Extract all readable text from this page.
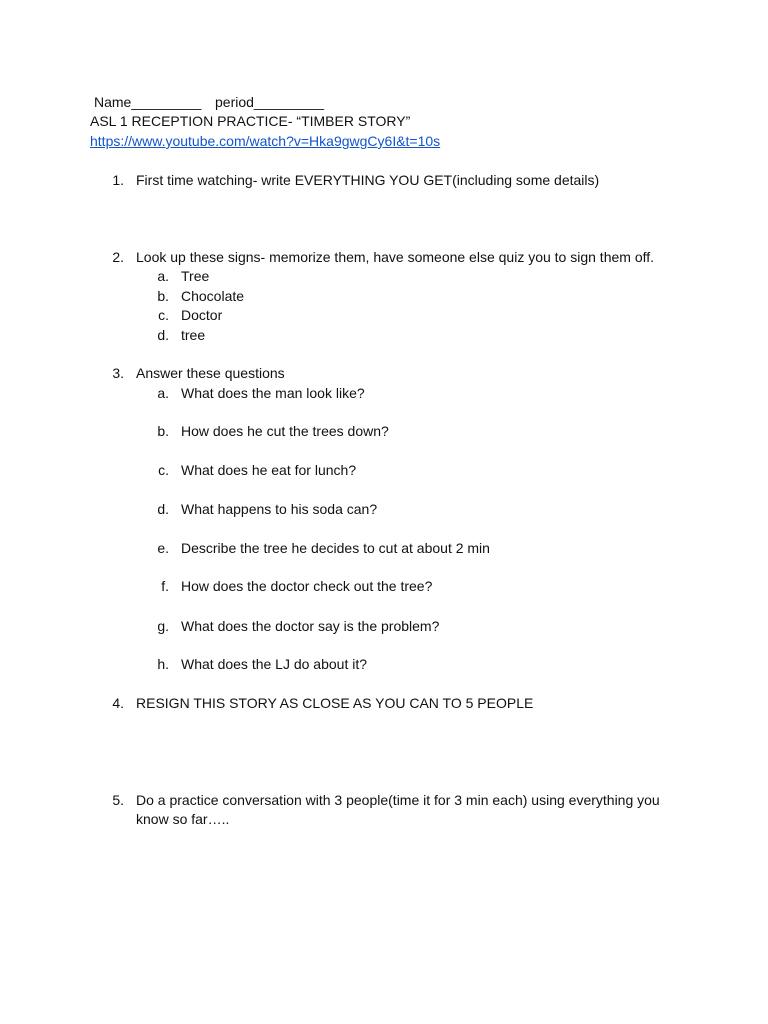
Name_________ period_________
ASL 1 RECEPTION PRACTICE- “TIMBER STORY”
https://www.youtube.com/watch?v=Hka9gwgCy6I&t=10s
1. First time watching- write EVERYTHING YOU GET(including some details)
2. Look up these signs- memorize them, have someone else quiz you to sign them off.
a. Tree
b. Chocolate
c. Doctor
d. tree
3. Answer these questions
a. What does the man look like?
b. How does he cut the trees down?
c. What does he eat for lunch?
d. What happens to his soda can?
e. Describe the tree he decides to cut at about 2 min
f. How does the doctor check out the tree?
g. What does the doctor say is the problem?
h. What does the LJ do about it?
4. RESIGN THIS STORY AS CLOSE AS YOU CAN TO 5 PEOPLE
5. Do a practice conversation with 3 people(time it for 3 min each) using everything you
know so far…..
